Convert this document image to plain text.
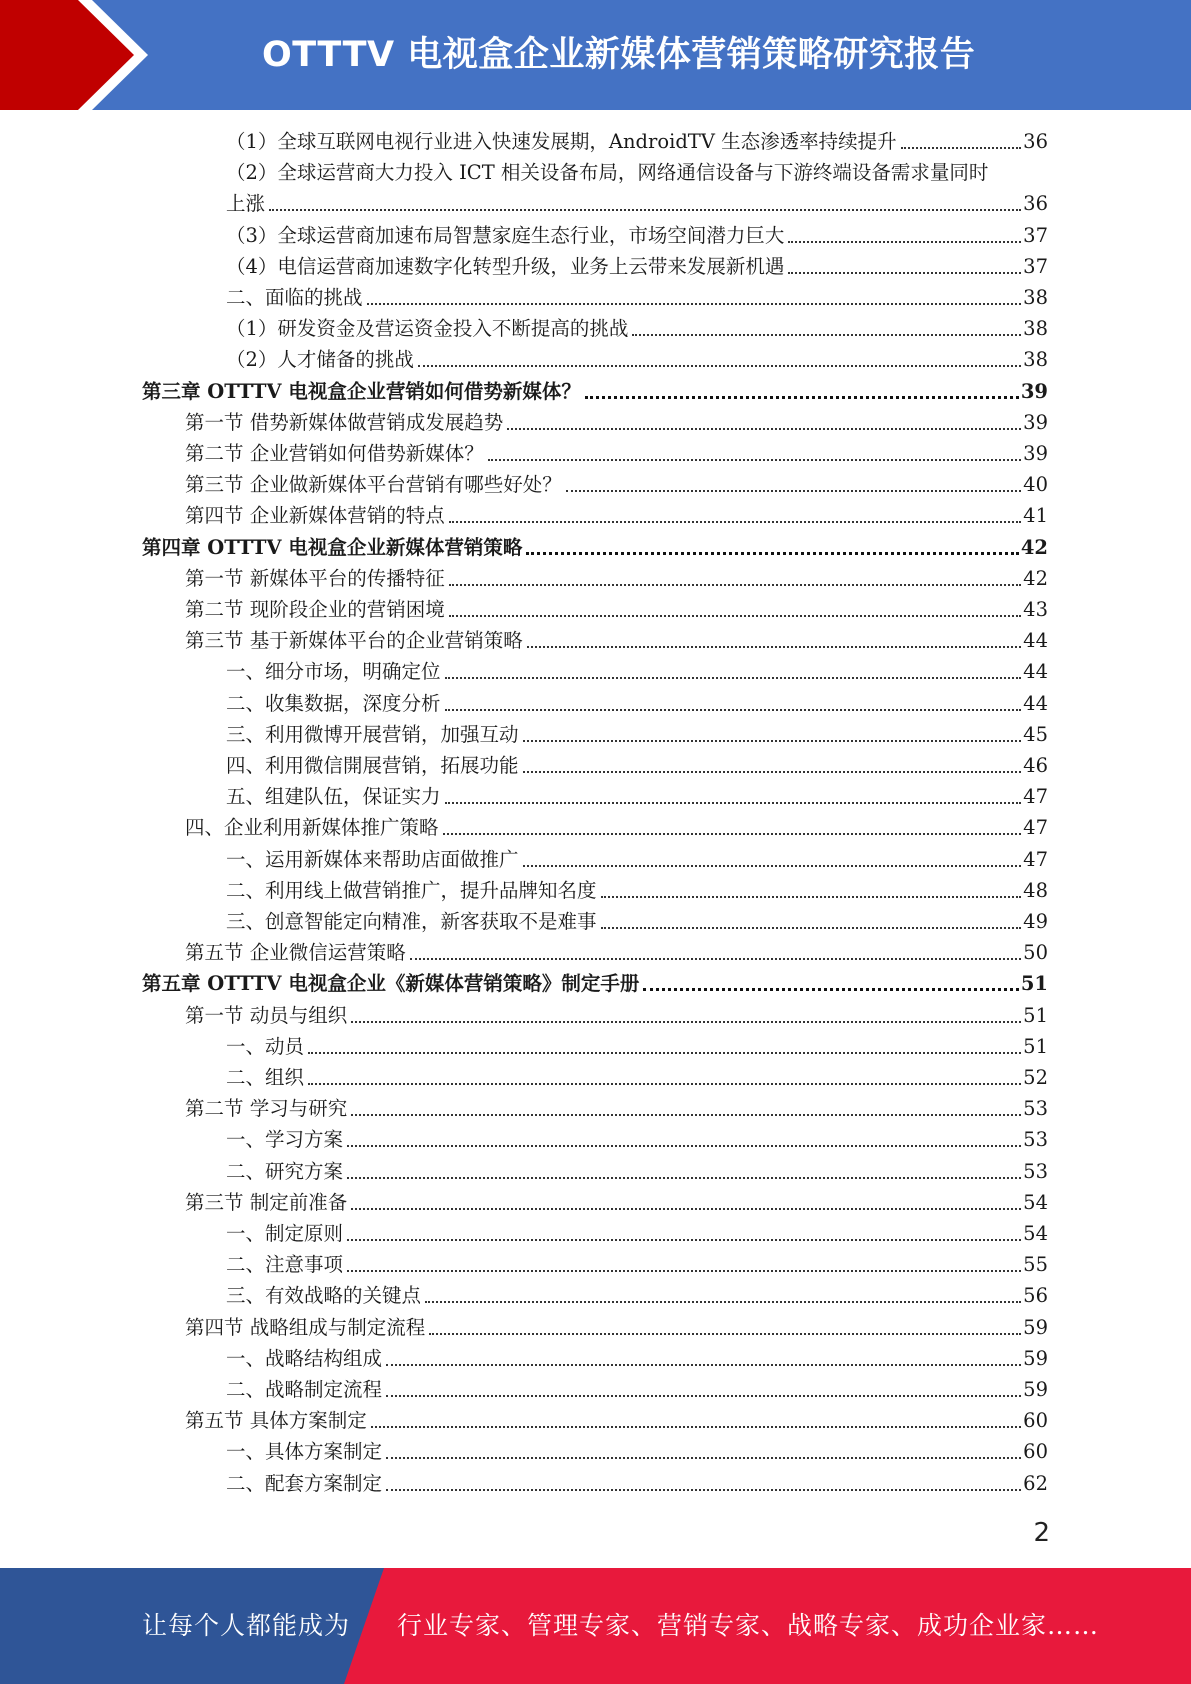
OTTTV 电视盒企业新媒体营销策略研究报告
（1）全球互联网电视行业进入快速发展期，AndroidTV 生态渗透率持续提升	36
（2）全球运营商大力投入 ICT 相关设备布局，网络通信设备与下游终端设备需求量同时
上涨	36
（3）全球运营商加速布局智慧家庭生态行业，市场空间潜力巨大	37
（4）电信运营商加速数字化转型升级，业务上云带来发展新机遇	37
二、面临的挑战	38
（1）研发资金及营运资金投入不断提高的挑战	38
（2）人才储备的挑战	38
第三章 OTTTV 电视盒企业营销如何借势新媒体？	39
第一节 借势新媒体做营销成发展趋势	39
第二节 企业营销如何借势新媒体？	39
第三节 企业做新媒体平台营销有哪些好处？	40
第四节 企业新媒体营销的特点	41
第四章 OTTTV 电视盒企业新媒体营销策略	42
第一节 新媒体平台的传播特征	42
第二节 现阶段企业的营销困境	43
第三节 基于新媒体平台的企业营销策略	44
一、细分市场，明确定位	44
二、收集数据，深度分析	44
三、利用微博开展营销，加强互动	45
四、利用微信開展营销，拓展功能	46
五、组建队伍，保证实力	47
四、企业利用新媒体推广策略	47
一、运用新媒体来帮助店面做推广	47
二、利用线上做营销推广，提升品牌知名度	48
三、创意智能定向精准，新客获取不是难事	49
第五节 企业微信运营策略	50
第五章 OTTTV 电视盒企业《新媒体营销策略》制定手册	51
第一节 动员与组织	51
一、动员	51
二、组织	52
第二节 学习与研究	53
一、学习方案	53
二、研究方案	53
第三节 制定前准备	54
一、制定原则	54
二、注意事项	55
三、有效战略的关键点	56
第四节 战略组成与制定流程	59
一、战略结构组成	59
二、战略制定流程	59
第五节 具体方案制定	60
一、具体方案制定	60
二、配套方案制定	62
2
让每个人都能成为 行业专家、管理专家、营销专家、战略专家、成功企业家……
